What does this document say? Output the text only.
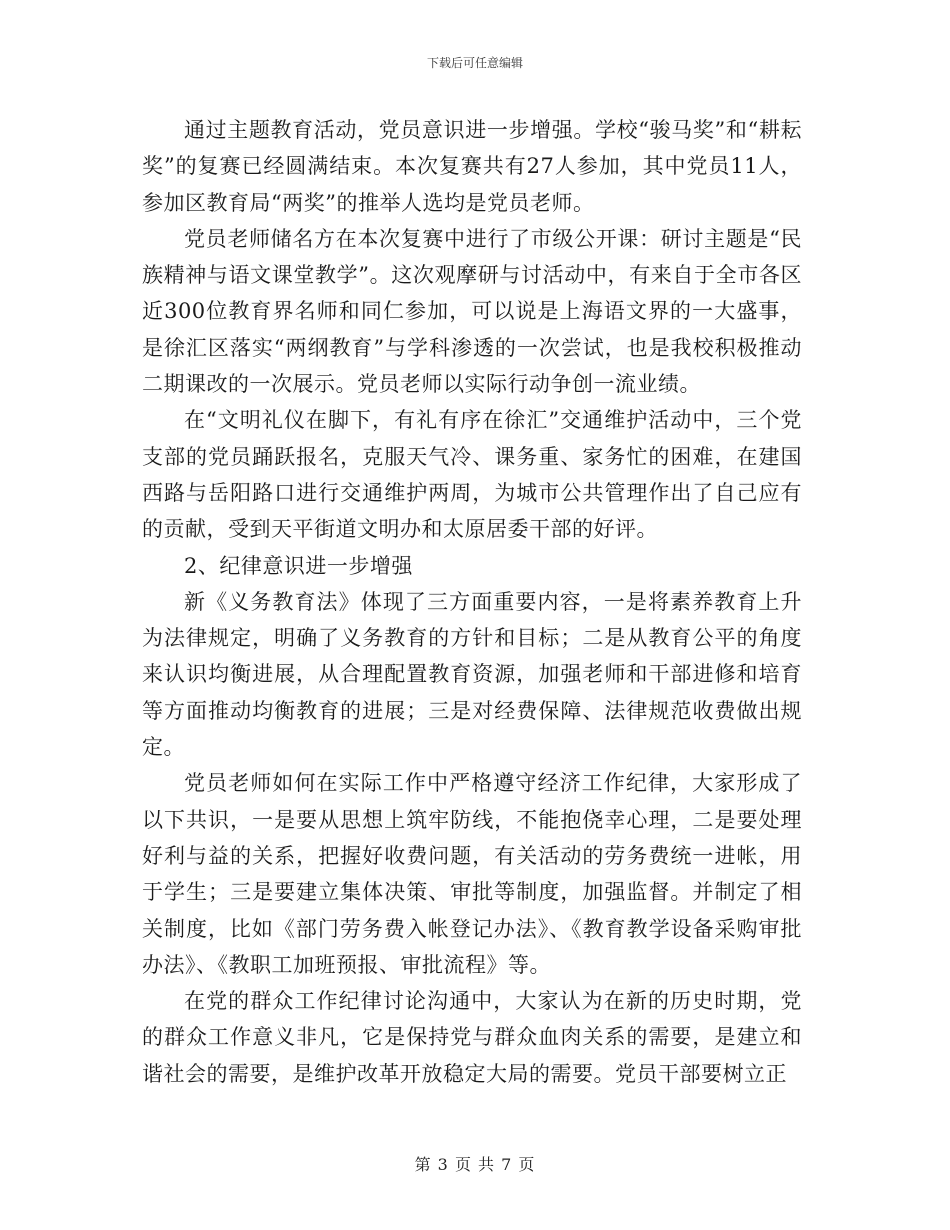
下载后可任意编辑

通过主题教育活动，党员意识进一步增强。学校“骏马奖”和“耕耘奖”的复赛已经圆满结束。本次复赛共有27人参加，其中党员11人，参加区教育局“两奖”的推举人选均是党员老师。

党员老师储名方在本次复赛中进行了市级公开课：研讨主题是“民族精神与语文课堂教学”。这次观摩研与讨活动中，有来自于全市各区近300位教育界名师和同仁参加，可以说是上海语文界的一大盛事，是徐汇区落实“两纲教育”与学科渗透的一次尝试，也是我校积极推动二期课改的一次展示。党员老师以实际行动争创一流业绩。

在“文明礼仪在脚下，有礼有序在徐汇”交通维护活动中，三个党支部的党员踊跃报名，克服天气冷、课务重、家务忙的困难，在建国西路与岳阳路口进行交通维护两周，为城市公共管理作出了自己应有的贡献，受到天平街道文明办和太原居委干部的好评。

2、纪律意识进一步增强

新《义务教育法》体现了三方面重要内容，一是将素养教育上升为法律规定，明确了义务教育的方针和目标；二是从教育公平的角度来认识均衡进展，从合理配置教育资源，加强老师和干部进修和培育等方面推动均衡教育的进展；三是对经费保障、法律规范收费做出规定。

党员老师如何在实际工作中严格遵守经济工作纪律，大家形成了以下共识，一是要从思想上筑牢防线，不能抱侥幸心理，二是要处理好利与益的关系，把握好收费问题，有关活动的劳务费统一进帐，用于学生；三是要建立集体决策、审批等制度，加强监督。并制定了相关制度，比如《部门劳务费入帐登记办法》、《教育教学设备采购审批办法》、《教职工加班预报、审批流程》等。

在党的群众工作纪律讨论沟通中，大家认为在新的历史时期，党的群众工作意义非凡，它是保持党与群众血肉关系的需要，是建立和谐社会的需要，是维护改革开放稳定大局的需要。党员干部要树立正

第 3 页 共 7 页
